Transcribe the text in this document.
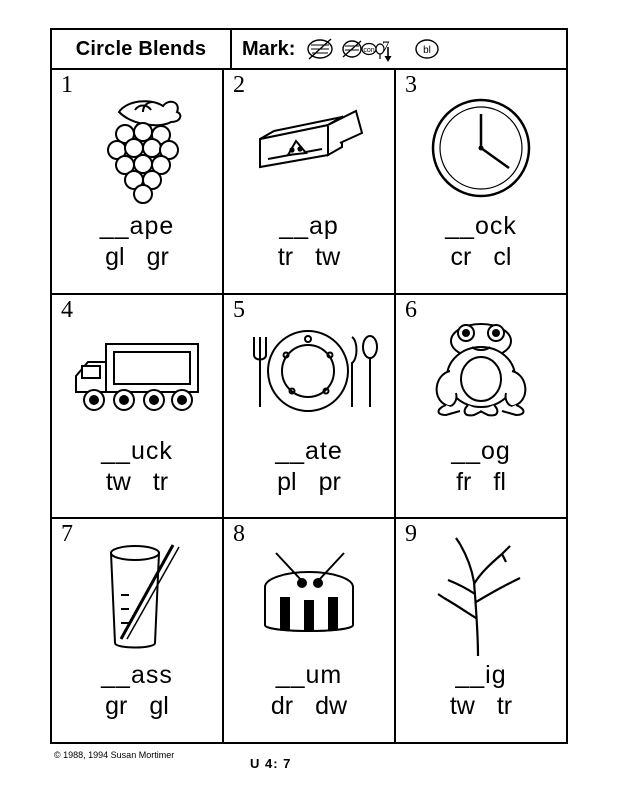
Circle Blends Mark:	con 7	bl
1
__ape
gl gr
2
__ap
tr tw
3
__ock
cr cl
4
__uck
tw tr
5
__ate
pl pr
6
__og
fr fl
7
__ass
gr gl
8
__um
dr dw
9
__ig
tw tr
© 1988, 1994 Susan Mortimer
U 4: 7
